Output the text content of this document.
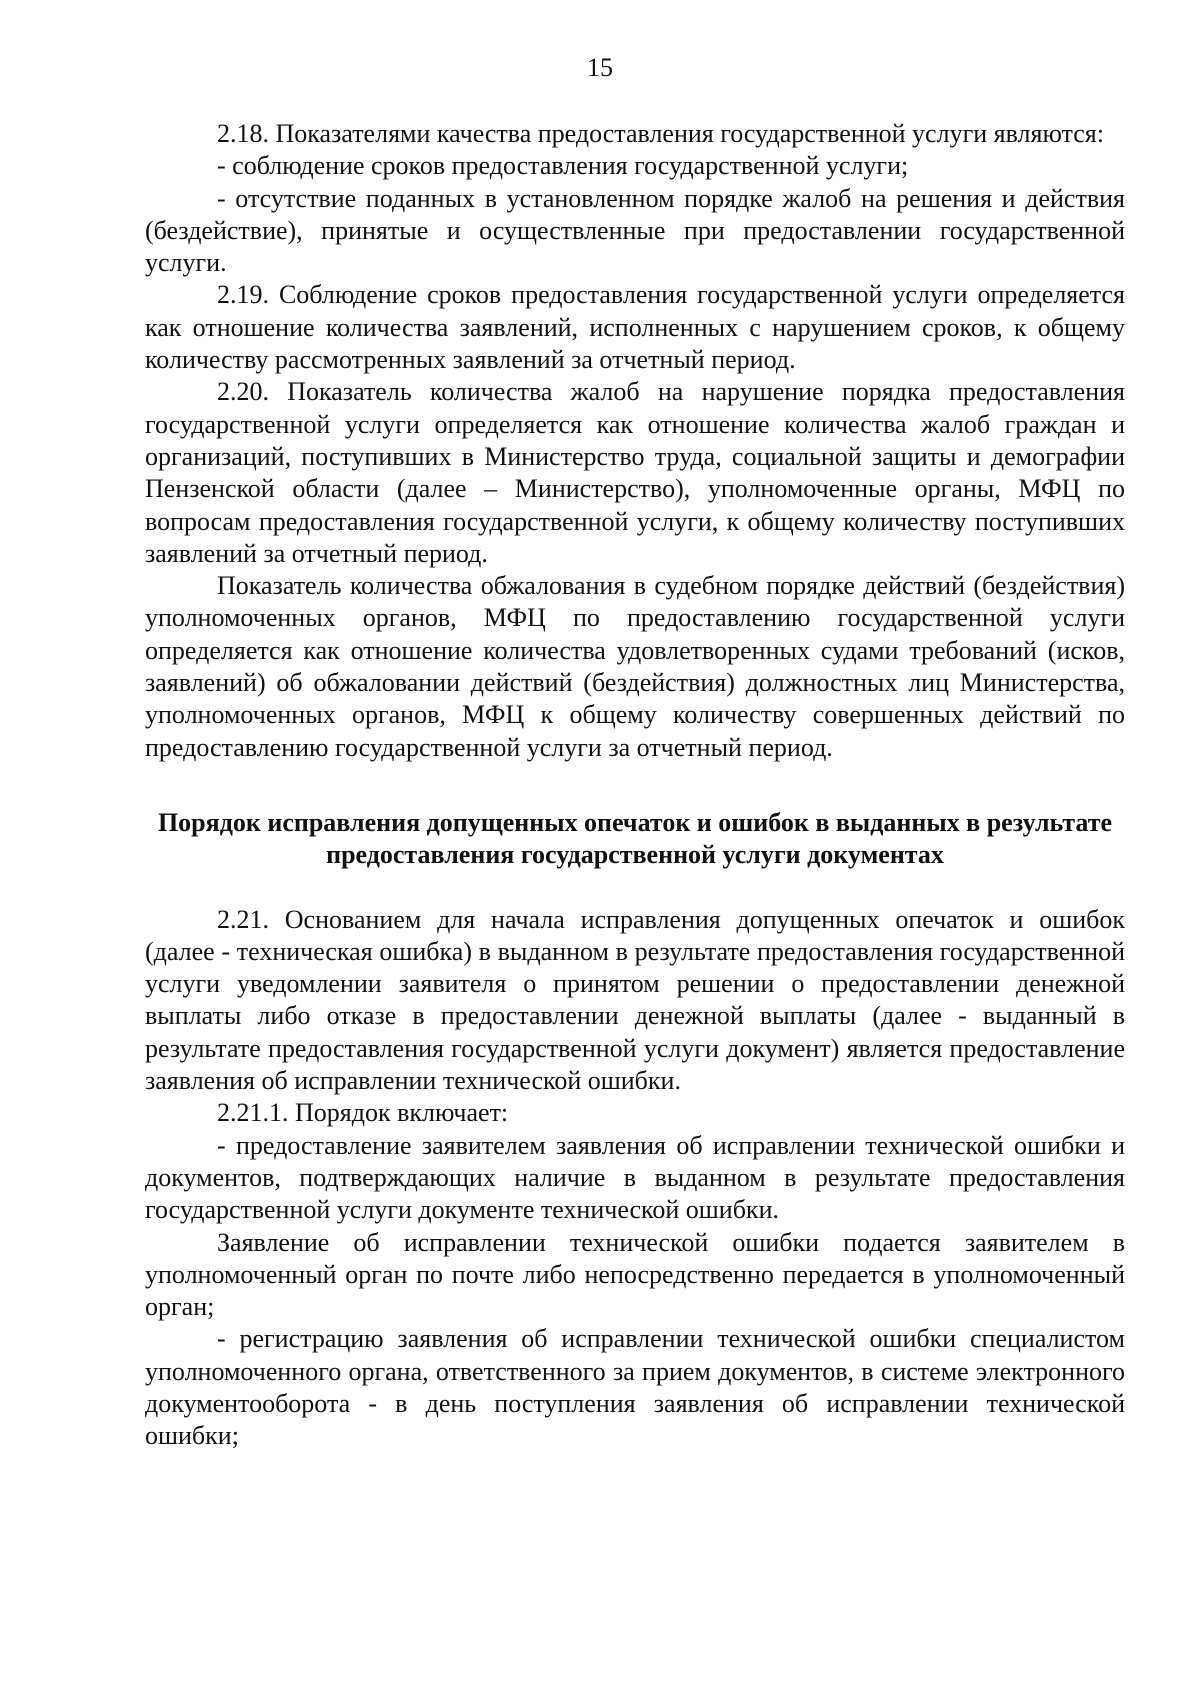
15

2.18. Показателями качества предоставления государственной услуги являются:

- соблюдение сроков предоставления государственной услуги;

- отсутствие поданных в установленном порядке жалоб на решения и действия (бездействие), принятые и осуществленные при предоставлении государственной услуги.

2.19. Соблюдение сроков предоставления государственной услуги определяется как отношение количества заявлений, исполненных с нарушением сроков, к общему количеству рассмотренных заявлений за отчетный период.

2.20. Показатель количества жалоб на нарушение порядка предоставления государственной услуги определяется как отношение количества жалоб граждан и организаций, поступивших в Министерство труда, социальной защиты и демографии Пензенской области (далее – Министерство), уполномоченные органы, МФЦ по вопросам предоставления государственной услуги, к общему количеству поступивших заявлений за отчетный период.

Показатель количества обжалования в судебном порядке действий (бездействия) уполномоченных органов, МФЦ по предоставлению государственной услуги определяется как отношение количества удовлетворенных судами требований (исков, заявлений) об обжаловании действий (бездействия) должностных лиц Министерства, уполномоченных органов, МФЦ к общему количеству совершенных действий по предоставлению государственной услуги за отчетный период.

Порядок исправления допущенных опечаток и ошибок в выданных в результате предоставления государственной услуги документах

2.21. Основанием для начала исправления допущенных опечаток и ошибок (далее - техническая ошибка) в выданном в результате предоставления государственной услуги уведомлении заявителя о принятом решении о предоставлении денежной выплаты либо отказе в предоставлении денежной выплаты (далее - выданный в результате предоставления государственной услуги документ) является предоставление заявления об исправлении технической ошибки.

2.21.1. Порядок включает:

- предоставление заявителем заявления об исправлении технической ошибки и документов, подтверждающих наличие в выданном в результате предоставления государственной услуги документе технической ошибки.

Заявление об исправлении технической ошибки подается заявителем в уполномоченный орган по почте либо непосредственно передается в уполномоченный орган;

- регистрацию заявления об исправлении технической ошибки специалистом уполномоченного органа, ответственного за прием документов, в системе электронного документооборота - в день поступления заявления об исправлении технической ошибки;
